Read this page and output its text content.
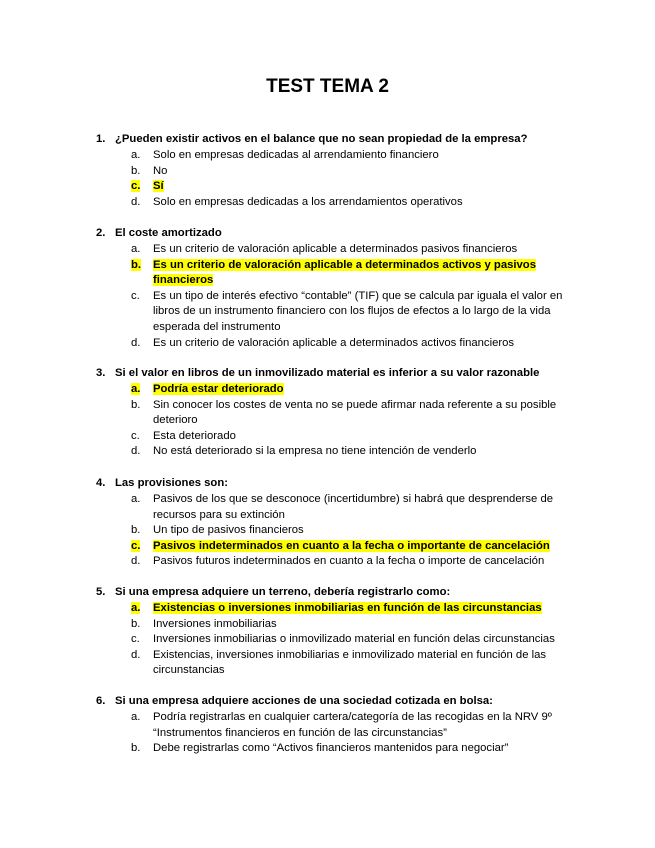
TEST TEMA 2
1. ¿Pueden existir activos en el balance que no sean propiedad de la empresa?
a.	Solo en empresas dedicadas al arrendamiento financiero
b.	No
c.	Sí
d.	Solo en empresas dedicadas a los arrendamientos operativos
2. El coste amortizado
a.	Es un criterio de valoración aplicable a determinados pasivos financieros
b.	Es un criterio de valoración aplicable a determinados activos y pasivos financieros
c.	Es un tipo de interés efectivo “contable” (TIF) que se calcula par iguala el valor en libros de un instrumento financiero con los flujos de efectos a lo largo de la vida esperada del instrumento
d.	Es un criterio de valoración aplicable a determinados activos financieros
3. Si el valor en libros de un inmovilizado material es inferior a su valor razonable
a.	Podría estar deteriorado
b.	Sin conocer los costes de venta no se puede afirmar nada referente a su posible deterioro
c.	Esta deteriorado
d.	No está deteriorado si la empresa no tiene intención de venderlo
4. Las provisiones son:
a.	Pasivos de los que se desconoce (incertidumbre) si habrá que desprenderse de recursos para su extinción
b.	Un tipo de pasivos financieros
c.	Pasivos indeterminados en cuanto a la fecha o importante de cancelación
d.	Pasivos futuros indeterminados en cuanto a la fecha o importe de cancelación
5. Si una empresa adquiere un terreno, debería registrarlo como:
a.	Existencias o inversiones inmobiliarias en función de las circunstancias
b.	Inversiones inmobiliarias
c.	Inversiones inmobiliarias o inmovilizado material en función delas circunstancias
d.	Existencias, inversiones inmobiliarias e inmovilizado material en función de las circunstancias
6. Si una empresa adquiere acciones de una sociedad cotizada en bolsa:
a.	Podría registrarlas en cualquier cartera/categoría de las recogidas en la NRV 9º “Instrumentos financieros en función de las circunstancias”
b.	Debe registrarlas como “Activos financieros mantenidos para negociar”
